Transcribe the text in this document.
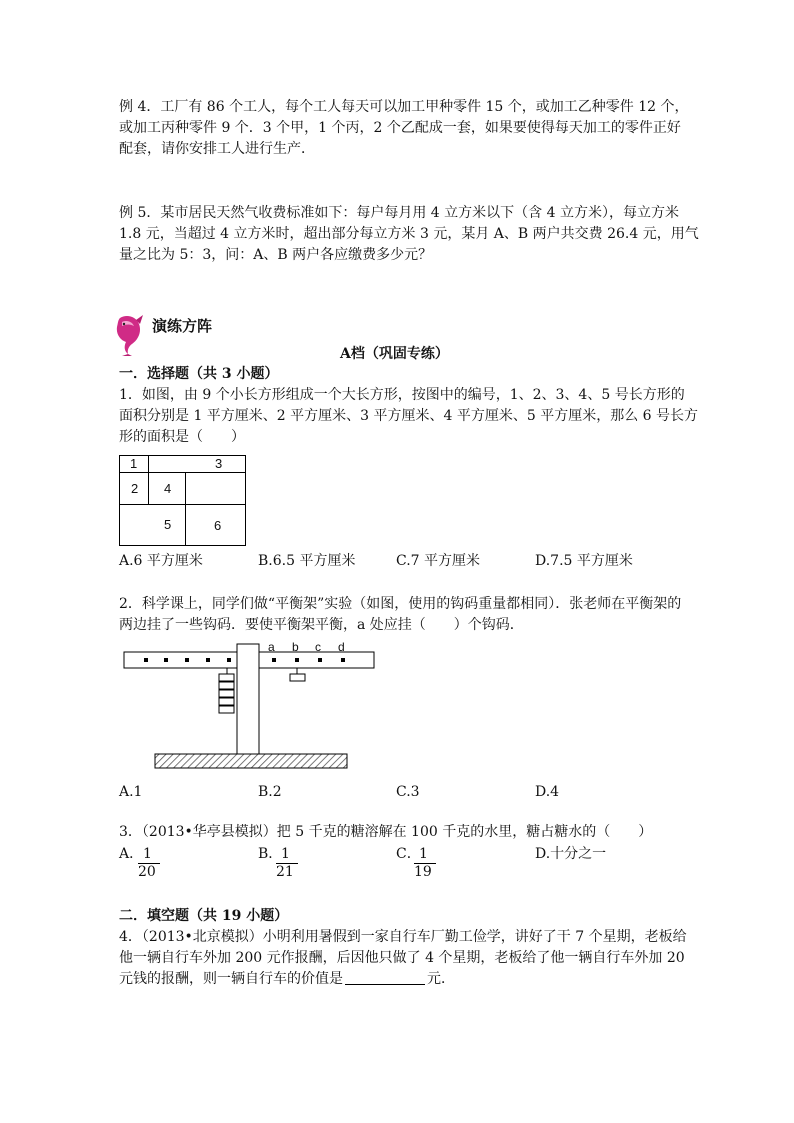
例 4．工厂有 86 个工人，每个工人每天可以加工甲种零件 15 个，或加工乙种零件 12 个，
或加工丙种零件 9 个．3 个甲，1 个丙，2 个乙配成一套，如果要使得每天加工的零件正好
配套，请你安排工人进行生产．
例 5．某市居民天然气收费标准如下：每户每月用 4 立方米以下（含 4 立方米），每立方米
1.8 元，当超过 4 立方米时，超出部分每立方米 3 元，某月 A、B 两户共交费 26.4 元，用气
量之比为 5：3，问：A、B 两户各应缴费多少元？
演练方阵
A档（巩固专练）
一．选择题（共 3 小题）
1．如图，由 9 个小长方形组成一个大长方形，按图中的编号，1、2、3、4、5 号长方形的
面积分别是 1 平方厘米、2 平方厘米、3 平方厘米、4 平方厘米、5 平方厘米，那么 6 号长方
形的面积是（　　）
1	3
2 4
5	6
A.6 平方厘米	B.6.5 平方厘米	C.7 平方厘米	D.7.5 平方厘米
2．科学课上，同学们做“平衡架”实验（如图，使用的钩码重量都相同）．张老师在平衡架的
两边挂了一些钩码．要使平衡架平衡，a 处应挂（　　）个钩码．
a b c d
A.1	B.2	C.3	D.4
3．（2013•华亭县模拟）把 5 千克的糖溶解在 100 千克的水里，糖占糖水的（　　）
A． 1
20
B．
1
21
C．
1
19
D.十分之一
二．填空题（共 19 小题）
4．（2013•北京模拟）小明利用暑假到一家自行车厂勤工俭学，讲好了干 7 个星期，老板给
他一辆自行车外加 200 元作报酬，后因他只做了 4 个星期，老板给了他一辆自行车外加 20
元钱的报酬，则一辆自行车的价值是	元．
